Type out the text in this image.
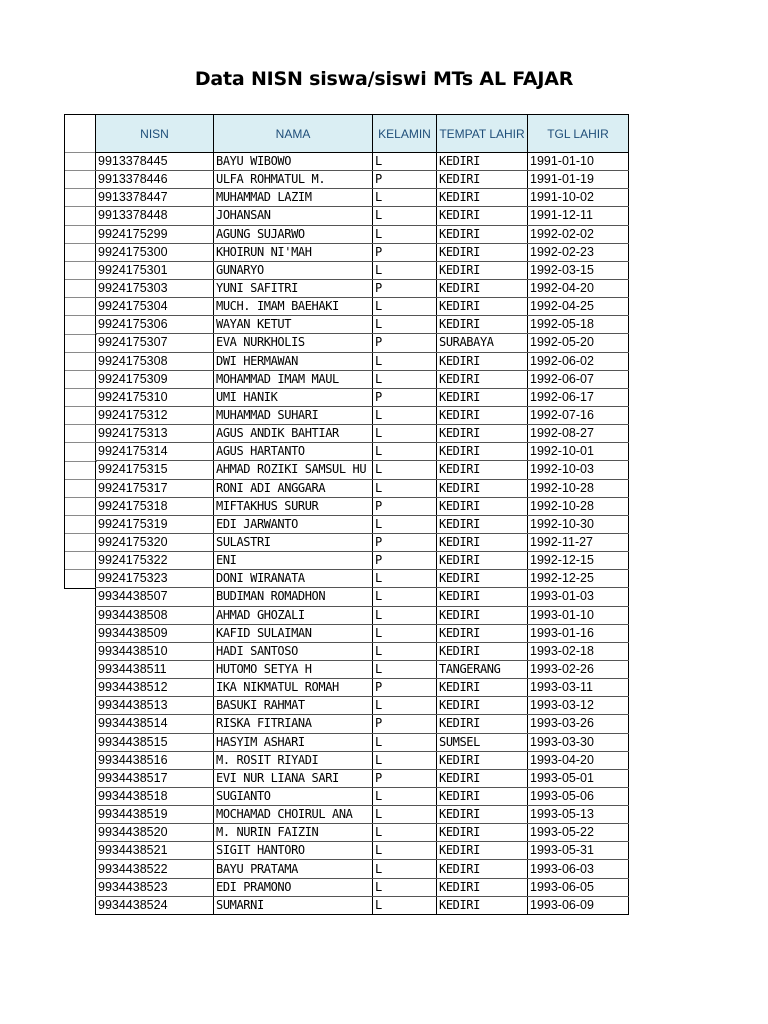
Data NISN siswa/siswi MTs AL FAJAR
NISN	NAMA	KELAMIN	TEMPAT LAHIR	TGL LAHIR
9913378445	BAYU WIBOWO	L	KEDIRI	1991-01-10
9913378446	ULFA ROHMATUL M.	P	KEDIRI	1991-01-19
9913378447	MUHAMMAD LAZIM	L	KEDIRI	1991-10-02
9913378448	JOHANSAN	L	KEDIRI	1991-12-11
9924175299	AGUNG SUJARWO	L	KEDIRI	1992-02-02
9924175300	KHOIRUN NI'MAH	P	KEDIRI	1992-02-23
9924175301	GUNARYO	L	KEDIRI	1992-03-15
9924175303	YUNI SAFITRI	P	KEDIRI	1992-04-20
9924175304	MUCH. IMAM BAEHAKI	L	KEDIRI	1992-04-25
9924175306	WAYAN KETUT	L	KEDIRI	1992-05-18
9924175307	EVA NURKHOLIS	P	SURABAYA	1992-05-20
9924175308	DWI HERMAWAN	L	KEDIRI	1992-06-02
9924175309	MOHAMMAD IMAM MAUL	L	KEDIRI	1992-06-07
9924175310	UMI HANIK	P	KEDIRI	1992-06-17
9924175312	MUHAMMAD SUHARI	L	KEDIRI	1992-07-16
9924175313	AGUS ANDIK BAHTIAR	L	KEDIRI	1992-08-27
9924175314	AGUS HARTANTO	L	KEDIRI	1992-10-01
9924175315	AHMAD ROZIKI SAMSUL HU	L	KEDIRI	1992-10-03
9924175317	RONI ADI ANGGARA	L	KEDIRI	1992-10-28
9924175318	MIFTAKHUS SURUR	P	KEDIRI	1992-10-28
9924175319	EDI JARWANTO	L	KEDIRI	1992-10-30
9924175320	SULASTRI	P	KEDIRI	1992-11-27
9924175322	ENI	P	KEDIRI	1992-12-15
9924175323	DONI WIRANATA	L	KEDIRI	1992-12-25
9934438507	BUDIMAN ROMADHON	L	KEDIRI	1993-01-03
9934438508	AHMAD GHOZALI	L	KEDIRI	1993-01-10
9934438509	KAFID SULAIMAN	L	KEDIRI	1993-01-16
9934438510	HADI SANTOSO	L	KEDIRI	1993-02-18
9934438511	HUTOMO SETYA H	L	TANGERANG	1993-02-26
9934438512	IKA NIKMATUL ROMAH	P	KEDIRI	1993-03-11
9934438513	BASUKI RAHMAT	L	KEDIRI	1993-03-12
9934438514	RISKA FITRIANA	P	KEDIRI	1993-03-26
9934438515	HASYIM ASHARI	L	SUMSEL	1993-03-30
9934438516	M. ROSIT RIYADI	L	KEDIRI	1993-04-20
9934438517	EVI NUR LIANA SARI	P	KEDIRI	1993-05-01
9934438518	SUGIANTO	L	KEDIRI	1993-05-06
9934438519	MOCHAMAD CHOIRUL ANA	L	KEDIRI	1993-05-13
9934438520	M. NURIN FAIZIN	L	KEDIRI	1993-05-22
9934438521	SIGIT HANTORO	L	KEDIRI	1993-05-31
9934438522	BAYU PRATAMA	L	KEDIRI	1993-06-03
9934438523	EDI PRAMONO	L	KEDIRI	1993-06-05
9934438524	SUMARNI	L	KEDIRI	1993-06-09
